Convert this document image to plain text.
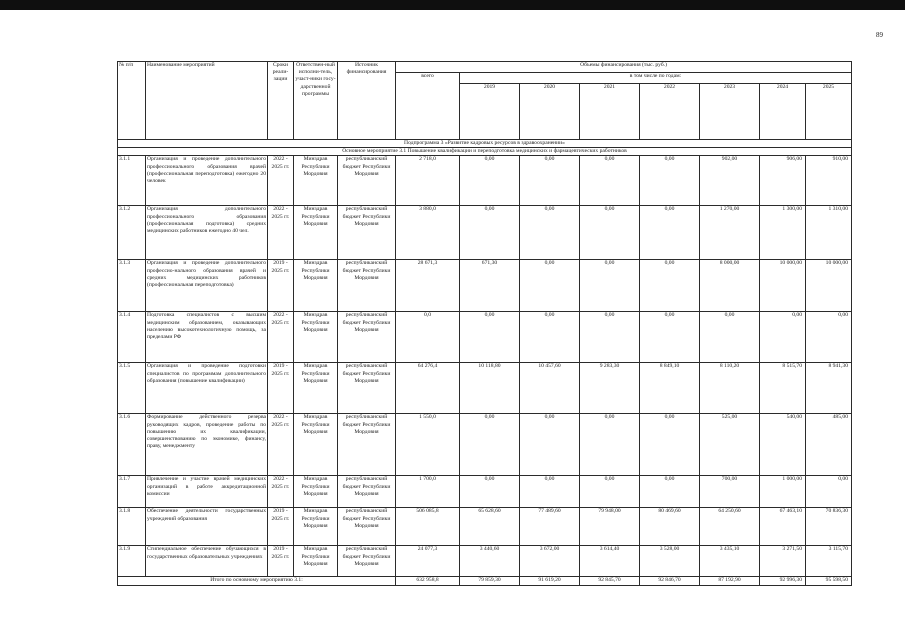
89
№ п/п	Наименование мероприятий	Сроки реали-зации	Ответствен-ный исполни-тель, участ-ники госу-дарственной программы	Источник финансирования	Объемы финансирования (тыс. руб.)							
					всего	в том числе по годам:						
						2019	2020	2021	2022	2023	2024	2025
Подпрограмма 3 «Развитие кадровых ресурсов в здравоохранении»												
Основное мероприятие 3.1 Повышение квалификации и переподготовка медицинских и фармацевтических работников												
3.1.1	Организация и проведение дополнительного профессионального образования врачей (профессиональная переподготовка) ежегодно 20 человек	2022 - 2025 гг.	Минздрав Республики Мордовия	республиканский бюджет Республики Мордовия	2 718,0	0,00	0,00	0,00	0,00	902,00	906,00	910,00
3.1.2	Организация дополнительного профессионального образования (профессиональная подготовка) средних медицинских работников ежегодно 40 чел.	2022 - 2025 гг.	Минздрав Республики Мордовия	республиканский бюджет Республики Мордовия	3 880,0	0,00	0,00	0,00	0,00	1 270,00	1 300,00	1 310,00
3.1.3	Организация и проведение дополнительного профессио-нального образования врачей и средних медицинских работников (профессиональная переподготовка)	2019 - 2025 гг.	Минздрав Республики Мордовия	республиканский бюджет Республики Мордовия	28 671,3	671,30	0,00	0,00	0,00	8 000,00	10 000,00	10 000,00
3.1.4	Подготовка специалистов с высшим медицинским образованием, оказывающих населению высокотехнологичную помощь, за пределами РФ	2022 - 2025 гг.	Минздрав Республики Мордовия	республиканский бюджет Республики Мордовия	0,0	0,00	0,00	0,00	0,00	0,00	0,00	0,00
3.1.5	Организация и проведение подготовки специалистов по программам дополнительного образования (повышение квалификации)	2019 - 2025 гг.	Минздрав Республики Мордовия	республиканский бюджет Республики Мордовия	64 276,4	10 118,80	10 457,60	9 283,30	8 849,10	8 110,20	8 515,70	8 941,30
3.1.6	Формирование действенного резерва руководящих кадров, проведение работы по повышению их квалификации, совершенствованию по экономике, финансу, праву, менеджменту	2022 - 2025 гг.	Минздрав Республики Мордовия	республиканский бюджет Республики Мордовия	1 550,0	0,00	0,00	0,00	0,00	525,00	540,00	485,00
3.1.7	Привлечение и участие врачей медицинских организаций в работе аккредитационной комиссии	2022 - 2025 гг.	Минздрав Республики Мордовия	республиканский бюджет Республики Мордовия	1 700,0	0,00	0,00	0,00	0,00	700,00	1 000,00	0,00
3.1.8	Обеспечение деятельности государственных учреждений образования	2019 - 2025 гг.	Минздрав Республики Мордовия	республиканский бюджет Республики Мордовия	506 085,8	65 628,60	77 489,60	79 948,00	80 469,60	64 250,60	67 463,10	70 836,30
3.1.9	Стипендиальное обеспечение обучающихся в государственных образовательных учреждениях	2019 - 2025 гг.	Минздрав Республики Мордовия	республиканский бюджет Республики Мордовия	24 077,3	3 440,60	3 672,00	3 614,40	3 528,00	3 435,10	3 271,50	3 115,70
Итого по основному мероприятию 3.1:					632 958,8	79 859,30	91 619,20	92 845,70	92 846,70	87 192,90	92 996,30	95 598,50
